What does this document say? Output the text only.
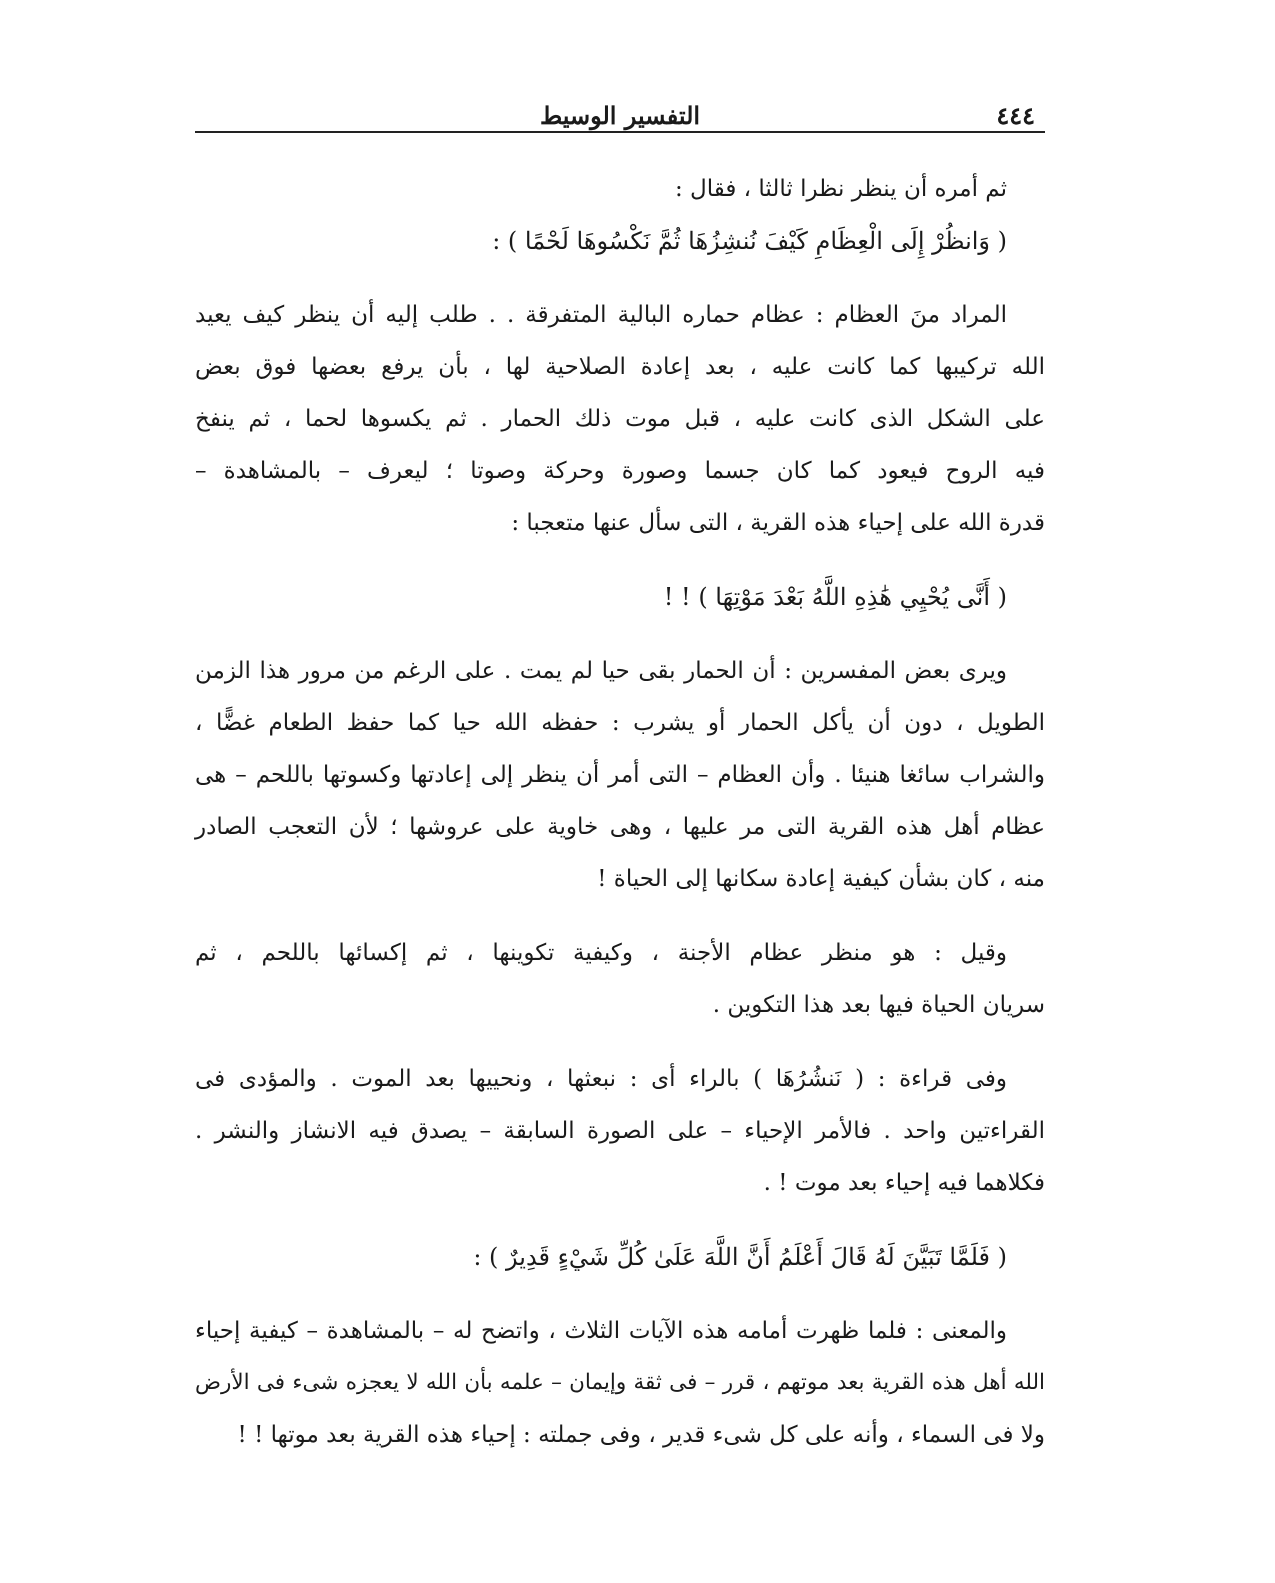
٤٤٤
التفسير الوسيط
ثم أمره أن ينظر نظرا ثالثا ، فقال :
( وَانظُرْ إِلَى الْعِظَامِ كَيْفَ نُنشِزُهَا ثُمَّ نَكْسُوهَا لَحْمًا ) :
المراد منَ العظام : عظام حماره البالية المتفرقة . . طلب إليه أن ينظر كيف يعيد
الله تركيبها كما كانت عليه ، بعد إعادة الصلاحية لها ، بأن يرفع بعضها فوق بعض
على الشكل الذى كانت عليه ، قبل موت ذلك الحمار . ثم يكسوها لحما ، ثم ينفخ
فيه الروح فيعود كما كان جسما وصورة وحركة وصوتا ؛ ليعرف – بالمشاهدة –
قدرة الله على إحياء هذه القرية ، التى سأل عنها متعجبا :
( أَنَّى يُحْيِي هَٰذِهِ اللَّهُ بَعْدَ مَوْتِهَا ) ! !
ويرى بعض المفسرين : أن الحمار بقى حيا لم يمت . على الرغم من مرور هذا الزمن
الطويل ، دون أن يأكل الحمار أو يشرب : حفظه الله حيا كما حفظ الطعام غضًّا ،
والشراب سائغا هنيئا . وأن العظام – التى أمر أن ينظر إلى إعادتها وكسوتها باللحم – هى
عظام أهل هذه القرية التى مر عليها ، وهى خاوية على عروشها ؛ لأن التعجب الصادر
منه ، كان بشأن كيفية إعادة سكانها إلى الحياة !
وقيل : هو منظر عظام الأجنة ، وكيفية تكوينها ، ثم إكسائها باللحم ، ثم
سريان الحياة فيها بعد هذا التكوين .
وفى قراءة : ( نَنشُرُهَا ) بالراء أى : نبعثها ، ونحييها بعد الموت . والمؤدى فى
القراءتين واحد . فالأمر الإحياء – على الصورة السابقة – يصدق فيه الانشاز والنشر .
فكلاهما فيه إحياء بعد موت ! .
( فَلَمَّا تَبَيَّنَ لَهُ قَالَ أَعْلَمُ أَنَّ اللَّهَ عَلَىٰ كُلِّ شَيْءٍ قَدِيرٌ ) :
والمعنى : فلما ظهرت أمامه هذه الآيات الثلاث ، واتضح له – بالمشاهدة – كيفية إحياء
الله أهل هذه القرية بعد موتهم ، قرر – فى ثقة وإيمان – علمه بأن الله لا يعجزه شىء فى الأرض
ولا فى السماء ، وأنه على كل شىء قدير ، وفى جملته : إحياء هذه القرية بعد موتها ! !
